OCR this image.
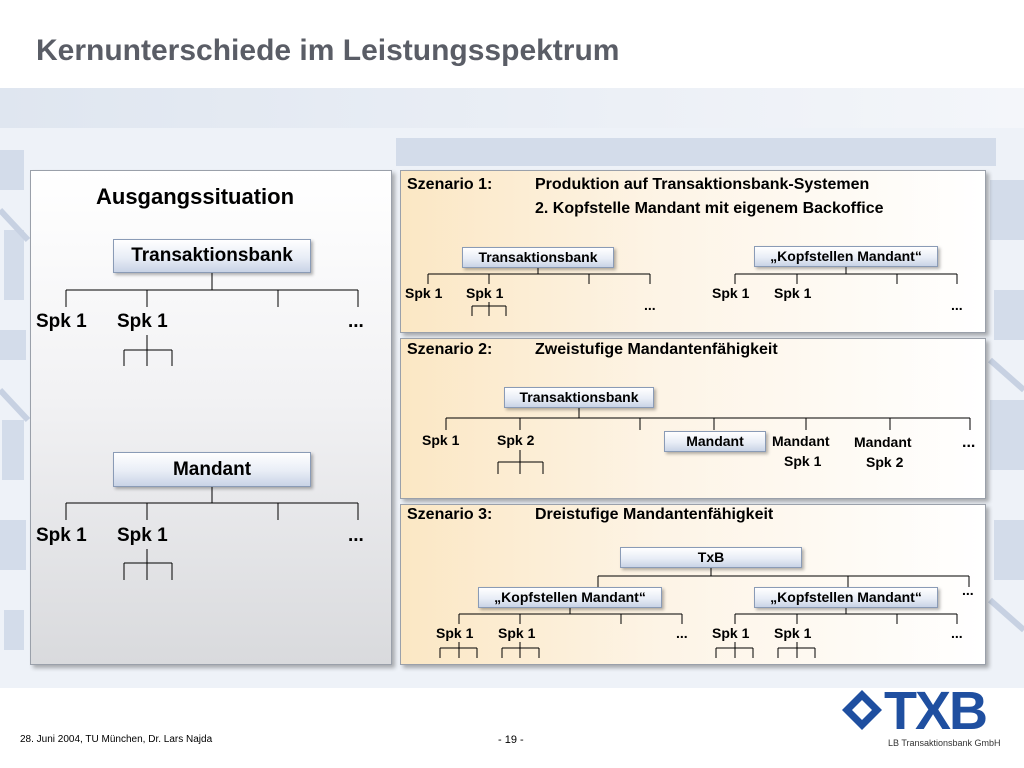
Kernunterschiede im Leistungsspektrum
Ausgangssituation
Transaktionsbank
Spk 1 Spk 1	...
Mandant
Spk 1 Spk 1	...
Szenario 1:	Produktion auf Transaktionsbank-Systemen
2. Kopfstelle Mandant mit eigenem Backoffice
Transaktionsbank	„Kopfstellen Mandant“
Spk 1 Spk 1
...
Spk 1 Spk 1
...
Szenario 2:	Zweistufige Mandantenfähigkeit
Transaktionsbank
Spk 1	Spk 2	Mandant	Mandant
Spk 1
Mandant
Spk 2
...
Szenario 3:	Dreistufige Mandantenfähigkeit
TxB
„Kopfstellen Mandant“	„Kopfstellen Mandant“	...
Spk 1 Spk 1	... Spk 1 Spk 1	...
28. Juni 2004, TU München, Dr. Lars Najda	- 19 -	TXB
LB Transaktionsbank GmbH
